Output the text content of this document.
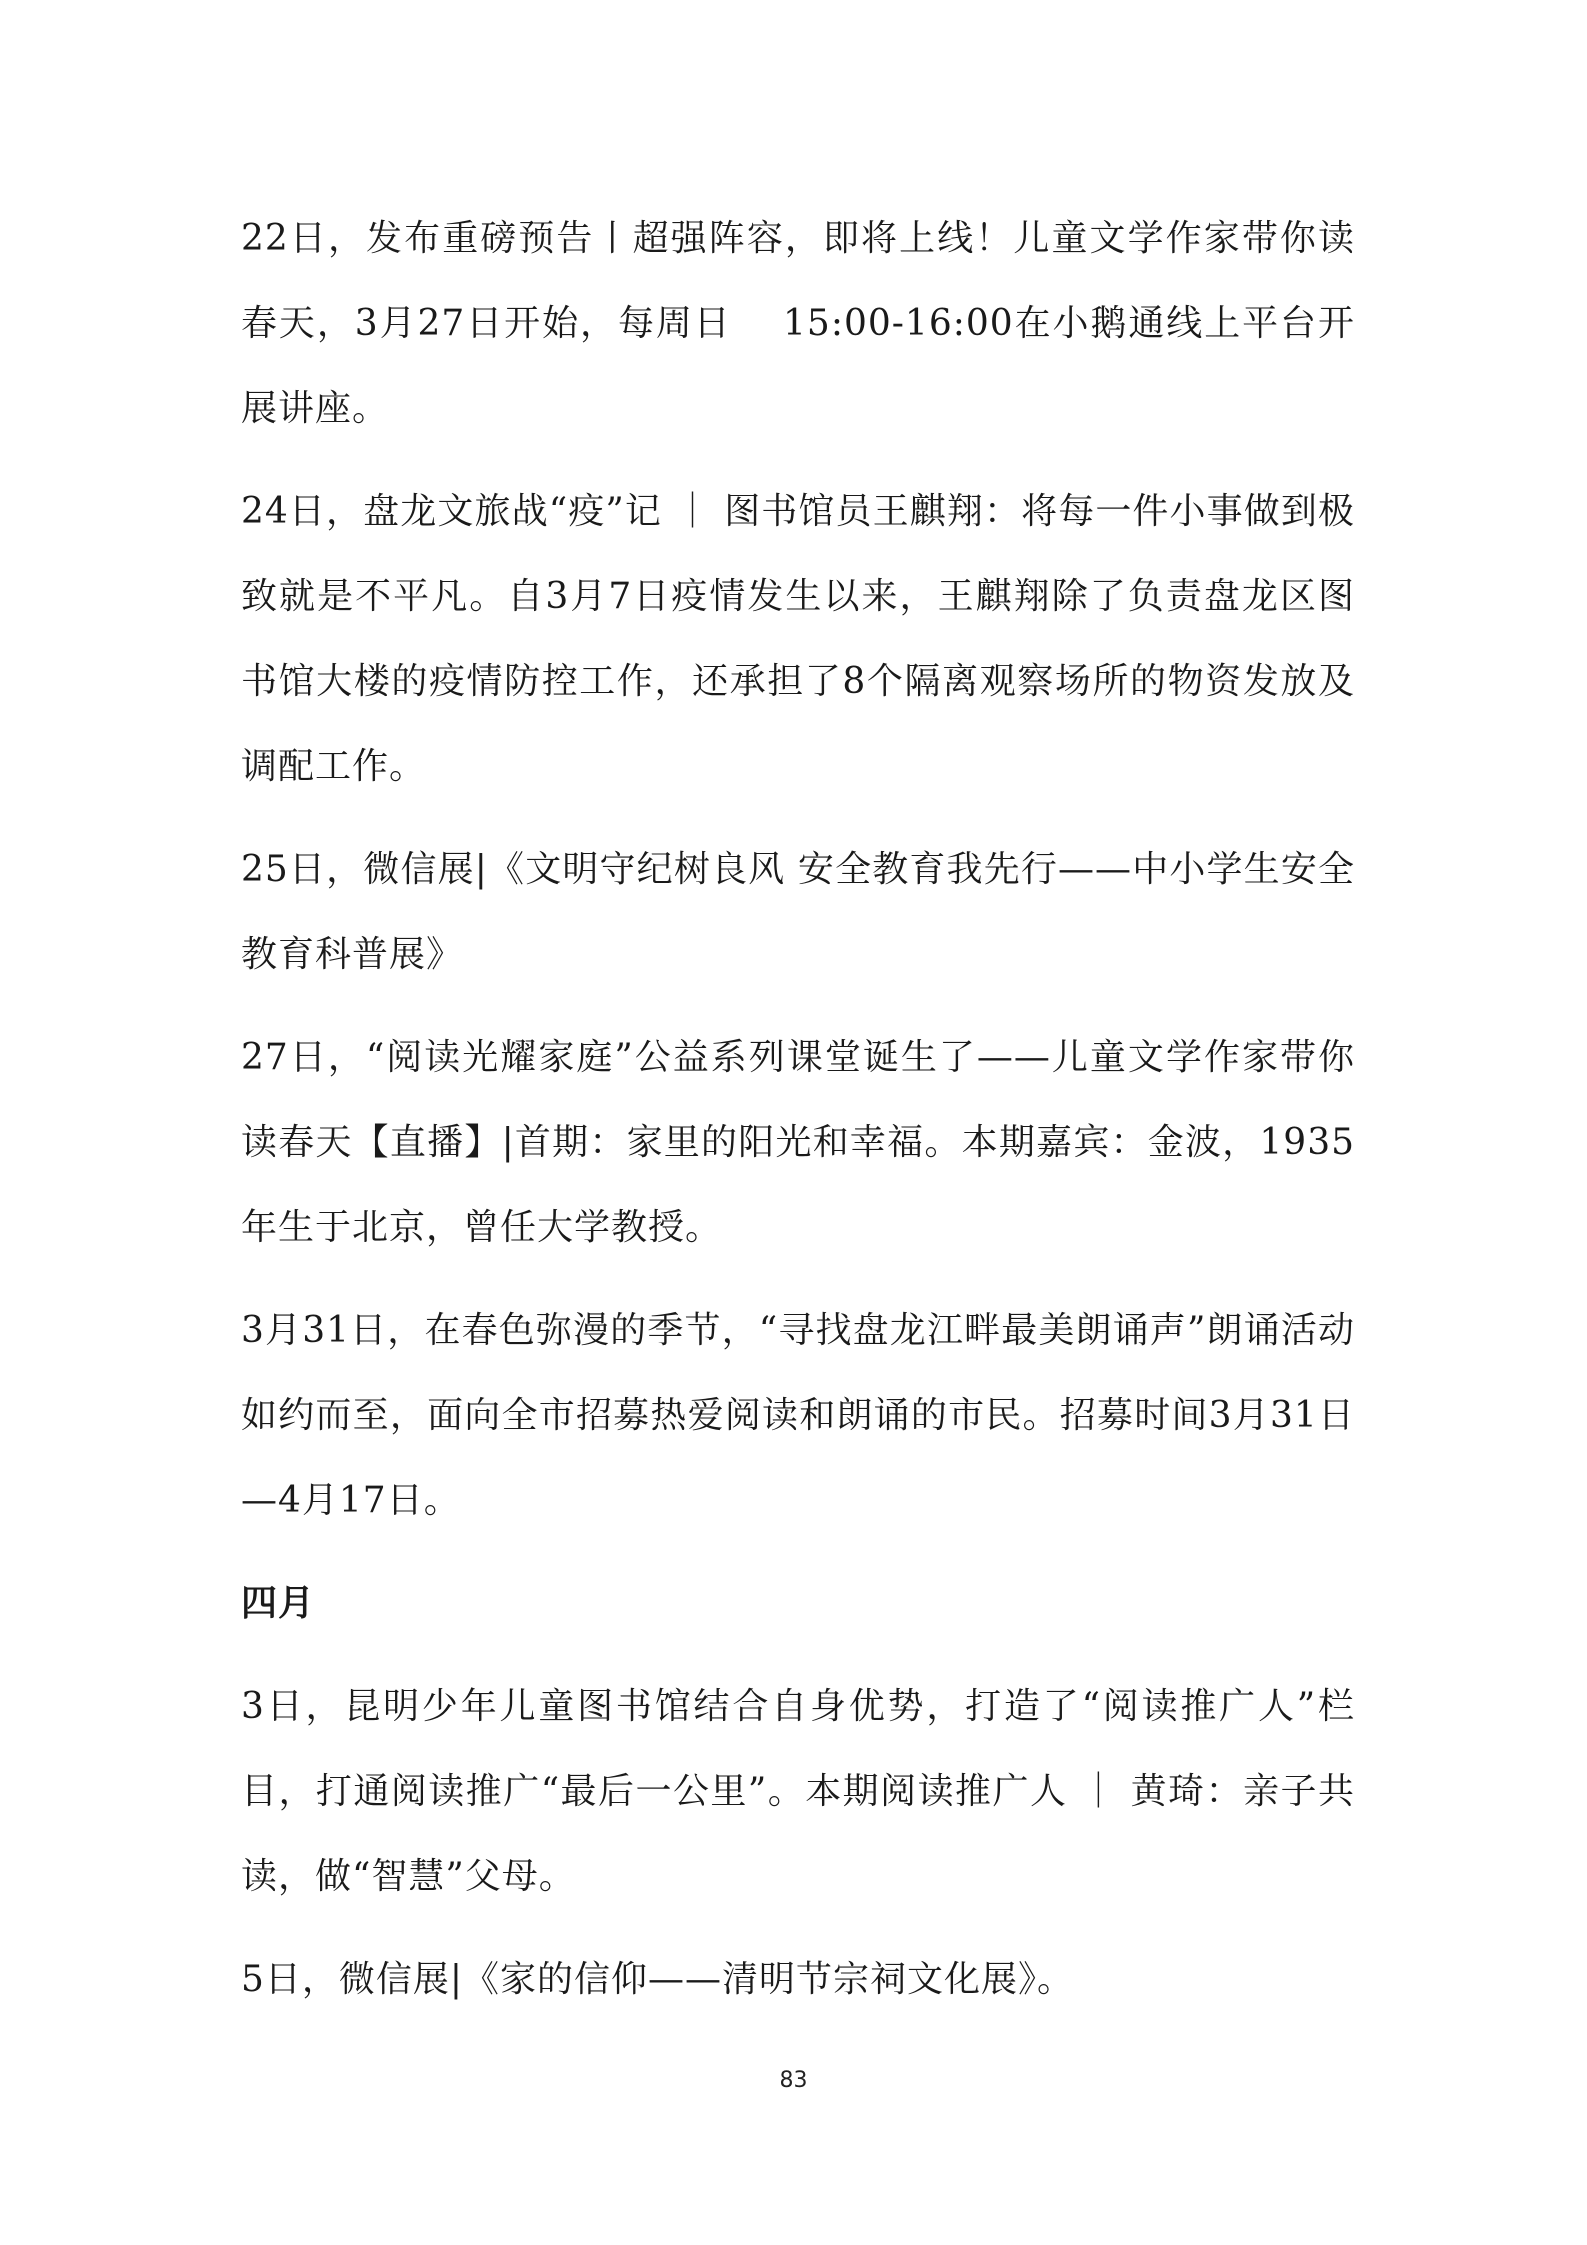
22日，发布重磅预告丨超强阵容，即将上线！儿童文学作家带你读春天，3月27日开始，每周日　 15:00-16:00在小鹅通线上平台开展讲座。

24日，盘龙文旅战“疫”记 ｜ 图书馆员王麒翔：将每一件小事做到极致就是不平凡。自3月7日疫情发生以来，王麒翔除了负责盘龙区图书馆大楼的疫情防控工作，还承担了8个隔离观察场所的物资发放及调配工作。

25日，微信展|《文明守纪树良风 安全教育我先行——中小学生安全教育科普展》

27日，“阅读光耀家庭”公益系列课堂诞生了——儿童文学作家带你读春天【直播】|首期：家里的阳光和幸福。本期嘉宾：金波，1935年生于北京，曾任大学教授。

3月31日，在春色弥漫的季节，“寻找盘龙江畔最美朗诵声”朗诵活动如约而至，面向全市招募热爱阅读和朗诵的市民。招募时间3月31日—4月17日。

四月

3日，昆明少年儿童图书馆结合自身优势，打造了“阅读推广人”栏目，打通阅读推广“最后一公里”。本期阅读推广人 ｜ 黄琦：亲子共读，做“智慧”父母。

5日，微信展|《家的信仰——清明节宗祠文化展》。

83
